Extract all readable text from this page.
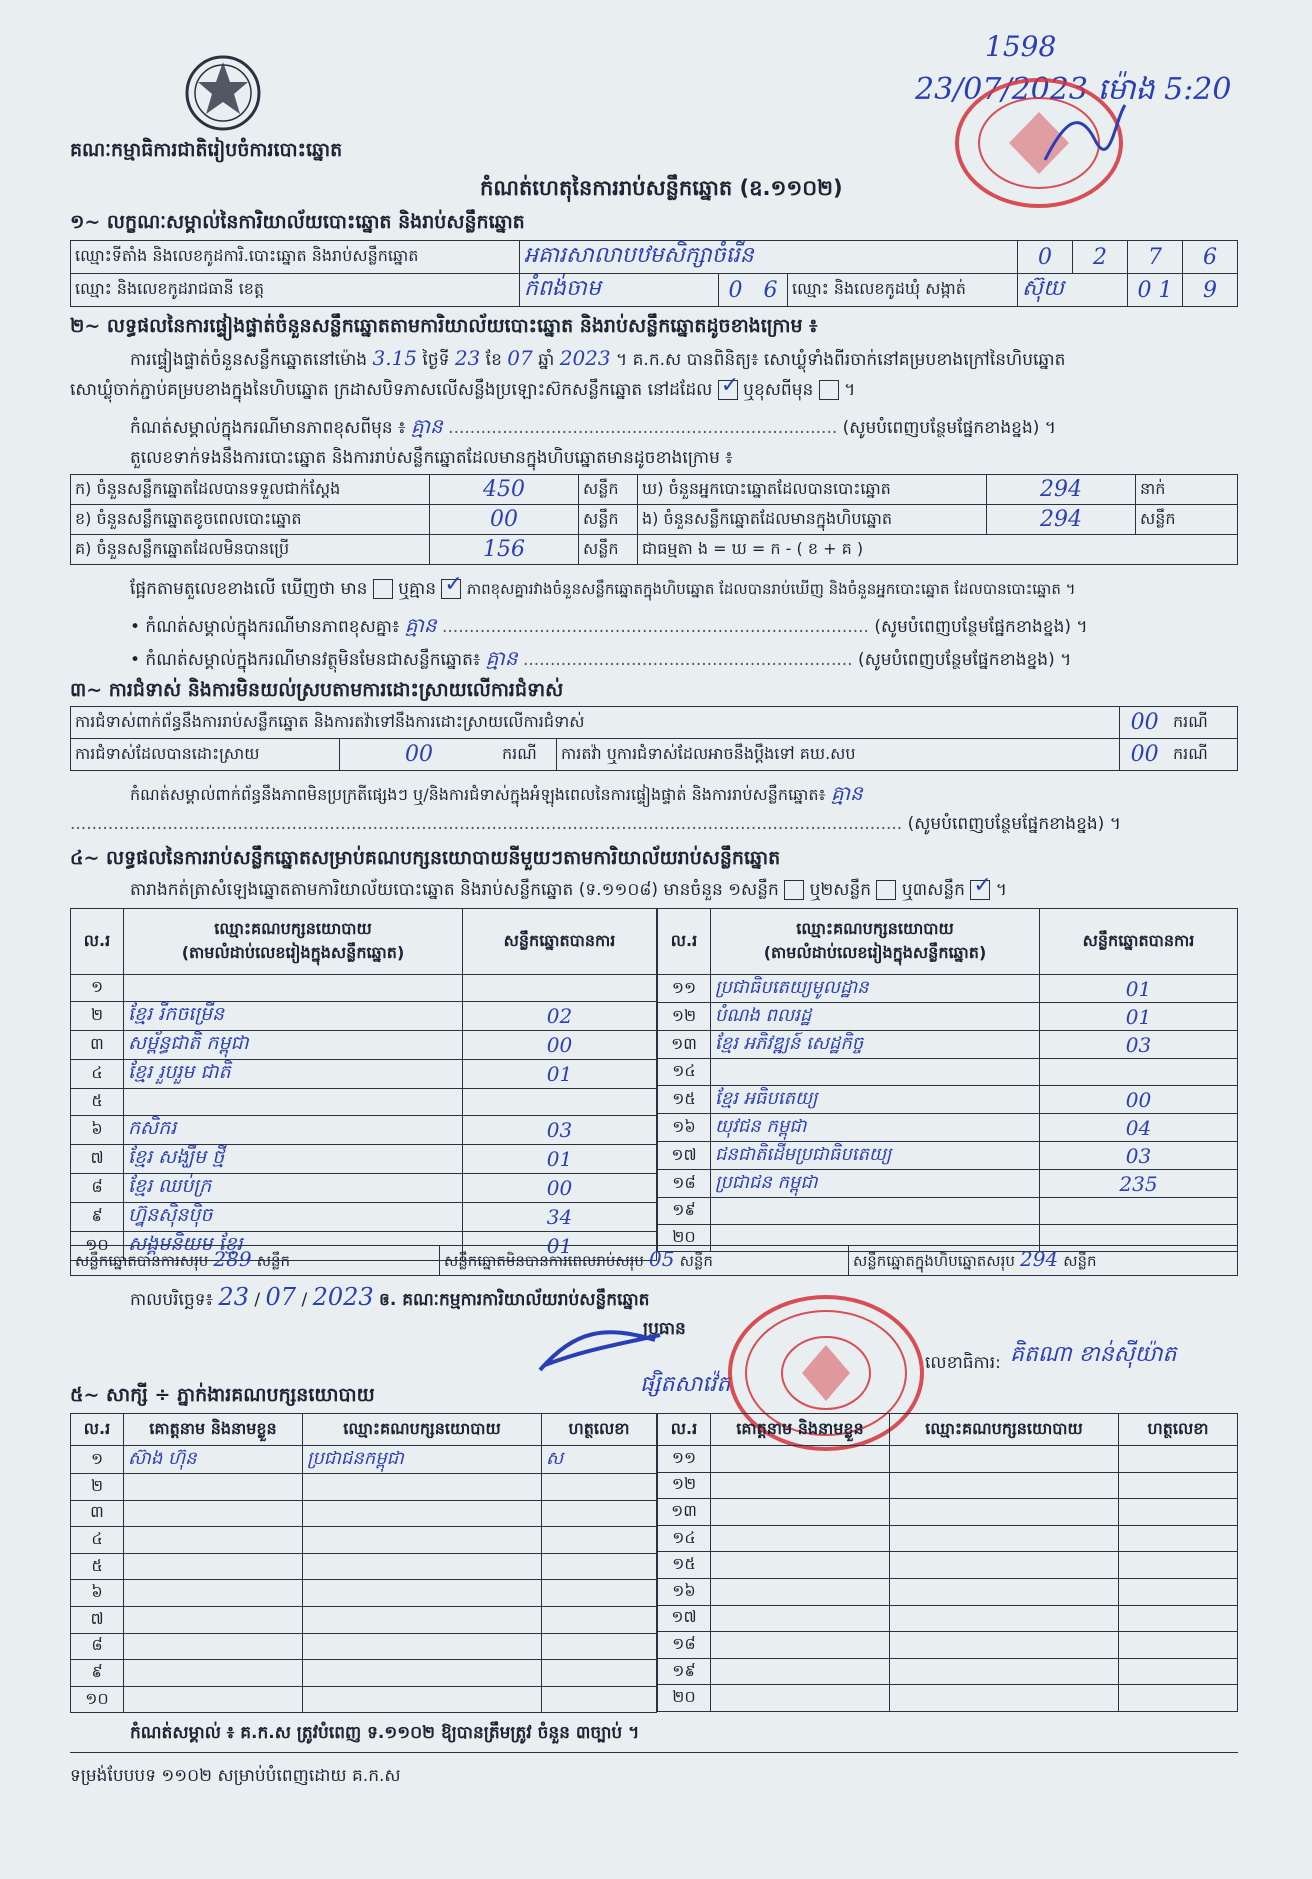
គណៈកម្មាធិការជាតិរៀបចំការបោះឆ្នោត
1598
23/07/2023 ម៉ោង 5:20
កំណត់ហេតុនៃការរាប់សន្លឹកឆ្នោត (ឧ.១១០២)
១~ លក្ខណៈសម្គាល់នៃការិយាល័យបោះឆ្នោត និងរាប់សន្លឹកឆ្នោត
ឈ្មោះទីតាំង និងលេខកូដការិ.បោះឆ្នោត និងរាប់សន្លឹកឆ្នោត	អគារសាលាបឋមសិក្សាចំរើន			0	2	7	6
ឈ្មោះ និងលេខកូដរាជធានី ខេត្ត	កំពង់ចាម	0 6	ឈ្មោះ និងលេខកូដឃុំ សង្កាត់	ស៊ុយ		0 1	9
២~ លទ្ធផលនៃការផ្ទៀងផ្ទាត់ចំនួនសន្លឹកឆ្នោតតាមការិយាល័យបោះឆ្នោត និងរាប់សន្លឹកឆ្នោតដូចខាងក្រោម ៖
ការផ្ទៀងផ្ទាត់ចំនួនសន្លឹកឆ្នោតនៅម៉ោង 3.15 ថ្ងៃទី 23 ខែ 07 ឆ្នាំ 2023 ។ គ.ក.ស បានពិនិត្យ៖ សោឃ្លុំទាំងពីរចាក់នៅគម្របខាងក្រៅនៃហិបឆ្នោត
សោឃ្លុំចាក់ភ្ជាប់គម្របខាងក្នុងនៃហិបឆ្នោត ក្រដាសបិទភាសលើសន្លឹងប្រឡោះស៊កសន្លឹកឆ្នោត នៅដដែល ✓ ឬខុសពីមុន  ។
កំណត់សម្គាល់ក្នុងករណីមានភាពខុសពីមុន ៖ គ្មាន ........................................................................ (សូមបំពេញបន្ថែមផ្នែកខាងខ្នង) ។
តួលេខទាក់ទងនឹងការបោះឆ្នោត និងការរាប់សន្លឹកឆ្នោតដែលមានក្នុងហិបឆ្នោតមានដូចខាងក្រោម ៖
ក) ចំនួនសន្លឹកឆ្នោតដែលបានទទួលជាក់ស្តែង	450	សន្លឹក	ឃ) ចំនួនអ្នកបោះឆ្នោតដែលបានបោះឆ្នោត	294	នាក់
ខ) ចំនួនសន្លឹកឆ្នោតខូចពេលបោះឆ្នោត	00	សន្លឹក	ង) ចំនួនសន្លឹកឆ្នោតដែលមានក្នុងហិបឆ្នោត	294	សន្លឹក
គ) ចំនួនសន្លឹកឆ្នោតដែលមិនបានប្រើ	156	សន្លឹក	ជាធម្មតា ង = ឃ = ក - ( ខ + គ )		
ផ្អែកតាមតួលេខខាងលើ ឃើញថា មាន ឬគ្មាន ✓ ភាពខុសគ្នារវាងចំនួនសន្លឹកឆ្នោតក្នុងហិបឆ្នោត ដែលបានរាប់ឃើញ និងចំនួនអ្នកបោះឆ្នោត ដែលបានបោះឆ្នោត ។
• កំណត់សម្គាល់ក្នុងករណីមានភាពខុសគ្នា៖ គ្មាន ............................................................................... (សូមបំពេញបន្ថែមផ្នែកខាងខ្នង) ។
• កំណត់សម្គាល់ក្នុងករណីមានវត្ថុមិនមែនជាសន្លឹកឆ្នោត៖ គ្មាន ............................................................. (សូមបំពេញបន្ថែមផ្នែកខាងខ្នង) ។
៣~ ការជំទាស់ និងការមិនយល់ស្របតាមការដោះស្រាយលើការជំទាស់
ការជំទាស់ពាក់ព័ន្ធនឹងការរាប់សន្លឹកឆ្នោត និងការតវ៉ាទៅនឹងការដោះស្រាយលើការជំទាស់				00	ករណី
ការជំទាស់ដែលបានដោះស្រាយ	00	ករណី	ការតវ៉ា ឬការជំទាស់ដែលអាចនឹងប្តឹងទៅ គឃ.សប	00	ករណី
កំណត់សម្គាល់ពាក់ព័ន្ធនឹងភាពមិនប្រក្រតីផ្សេងៗ ឬ/និងការជំទាស់ក្នុងអំឡុងពេលនៃការផ្ទៀងផ្ទាត់ និងការរាប់សន្លឹកឆ្នោត៖ គ្មាន
.......................................................................................................................................................... (សូមបំពេញបន្ថែមផ្នែកខាងខ្នង) ។
៤~ លទ្ធផលនៃការរាប់សន្លឹកឆ្នោតសម្រាប់គណបក្សនយោបាយនីមួយៗតាមការិយាល័យរាប់សន្លឹកឆ្នោត
តារាងកត់ត្រាសំឡេងឆ្នោតតាមការិយាល័យបោះឆ្នោត និងរាប់សន្លឹកឆ្នោត (ទ.១១០៨) មានចំនួន ១សន្លឹក ឬ២សន្លឹក ឬ៣សន្លឹក ✓
។
ល.រ	ឈ្មោះគណបក្សនយោបាយ
(តាមលំដាប់លេខរៀងក្នុងសន្លឹកឆ្នោត)	សន្លឹកឆ្នោតបានការ
១		
២	ខ្មែរ រីកចម្រើន	02
៣	សម្ព័ន្ធជាតិ កម្ពុជា	00
៤	ខ្មែរ រួបរួម ជាតិ	01
៥		
៦	កសិករ	03
៧	ខ្មែរ សង្ឃឹម ថ្មី	01
៨	ខ្មែរ ឈប់ក្រ	00
៩	ហ្វ៊ុនស៊ិនប៉ិច	34
១០	សង្គមនិយម ខ្មែរ	01
ល.រ	ឈ្មោះគណបក្សនយោបាយ
(តាមលំដាប់លេខរៀងក្នុងសន្លឹកឆ្នោត)	សន្លឹកឆ្នោតបានការ
១១	ប្រជាធិបតេយ្យមូលដ្ឋាន	01
១២	បំណង ពលរដ្ឋ	01
១៣	ខ្មែរ អភិវឌ្ឍន៍ សេដ្ឋកិច្ច	03
១៤		
១៥	ខ្មែរ អធិបតេយ្យ	00
១៦	យុវជន កម្ពុជា	04
១៧	ជនជាតិដើមប្រជាធិបតេយ្យ	03
១៨	ប្រជាជន កម្ពុជា	235
១៩		
២០		
សន្លឹកឆ្នោតបានការសរុប 289 សន្លឹក	សន្លឹកឆ្នោតមិនបានការពេលរាប់សរុប 05 សន្លឹក	សន្លឹកឆ្នោតក្នុងហិបឆ្នោតសរុប 294 សន្លឹក
កាលបរិច្ឆេទ៖ 23 / 07 / 2023 ឲ. គណៈកម្មការការិយាល័យរាប់សន្លឹកឆ្នោត
ប្រធាន
ផ្សិតសាវ៉េត
លេខាធិការ: គិតណា ខាន់ស៊ីយ៉ាត
៥~ សាក្សី ÷ ភ្នាក់ងារគណបក្សនយោបាយ
ល.រ	គោត្តនាម និងនាមខ្លួន	ឈ្មោះគណបក្សនយោបាយ	ហត្ថលេខា
១	ស៊ាង ហ៊ុន	ប្រជាជនកម្ពុជា	ស
២			
៣			
៤			
៥			
៦			
៧			
៨			
៩			
១០			
ល.រ	គោត្តនាម និងនាមខ្លួន	ឈ្មោះគណបក្សនយោបាយ	ហត្ថលេខា
១១			
១២			
១៣			
១៤			
១៥			
១៦			
១៧			
១៨			
១៩			
២០			
កំណត់សម្គាល់ ៖ គ.ក.ស ត្រូវបំពេញ ទ.១១០២ ឱ្យបានត្រឹមត្រូវ ចំនួន ៣ច្បាប់ ។
ទម្រង់បែបបទ ១១០២ សម្រាប់បំពេញដោយ គ.ក.ស
